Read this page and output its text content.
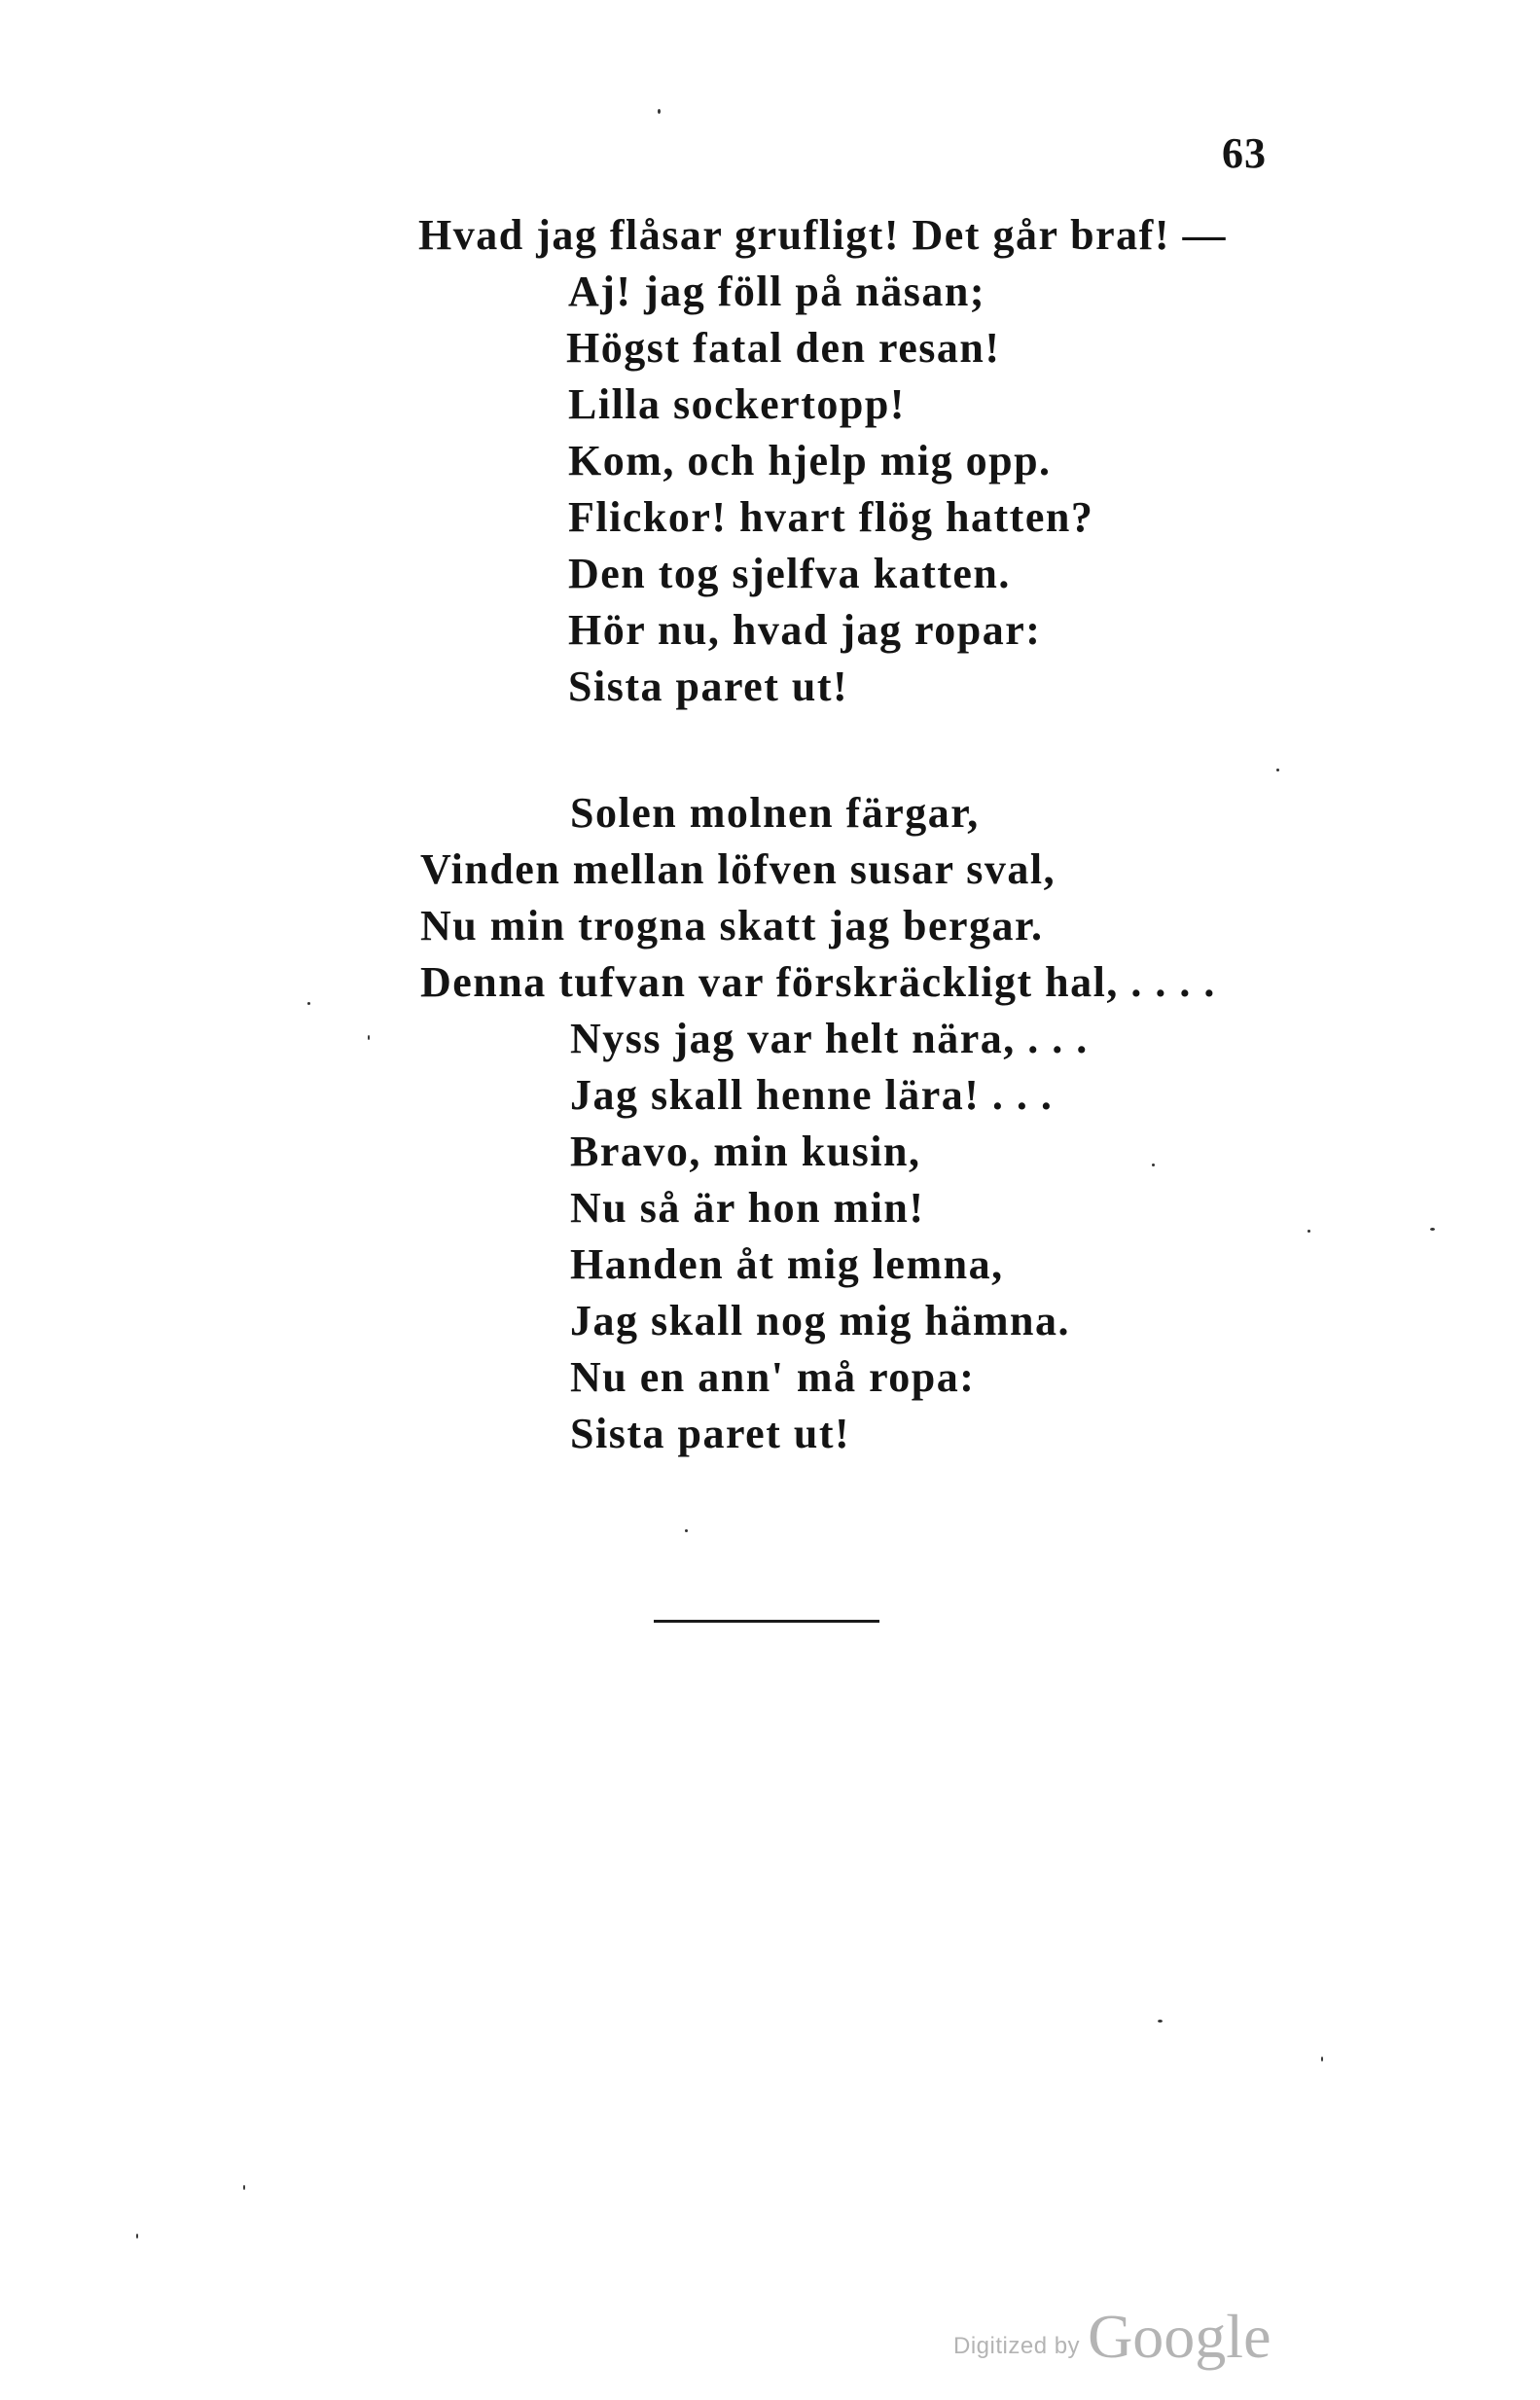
63
Hvad jag flåsar grufligt! Det går braf! —
Aj! jag föll på näsan;
Högst fatal den resan!
Lilla sockertopp!
Kom, och hjelp mig opp.
Flickor! hvart flög hatten?
Den tog sjelfva katten.
Hör nu, hvad jag ropar:
Sista paret ut!
Solen molnen färgar,
Vinden mellan löfven susar sval,
Nu min trogna skatt jag bergar.
Denna tufvan var förskräckligt hal, . . . .
Nyss jag var helt nära, . . .
Jag skall henne lära! . . .
Bravo, min kusin,
Nu så är hon min!
Handen åt mig lemna,
Jag skall nog mig hämna.
Nu en ann' må ropa:
Sista paret ut!
Digitized by Google
